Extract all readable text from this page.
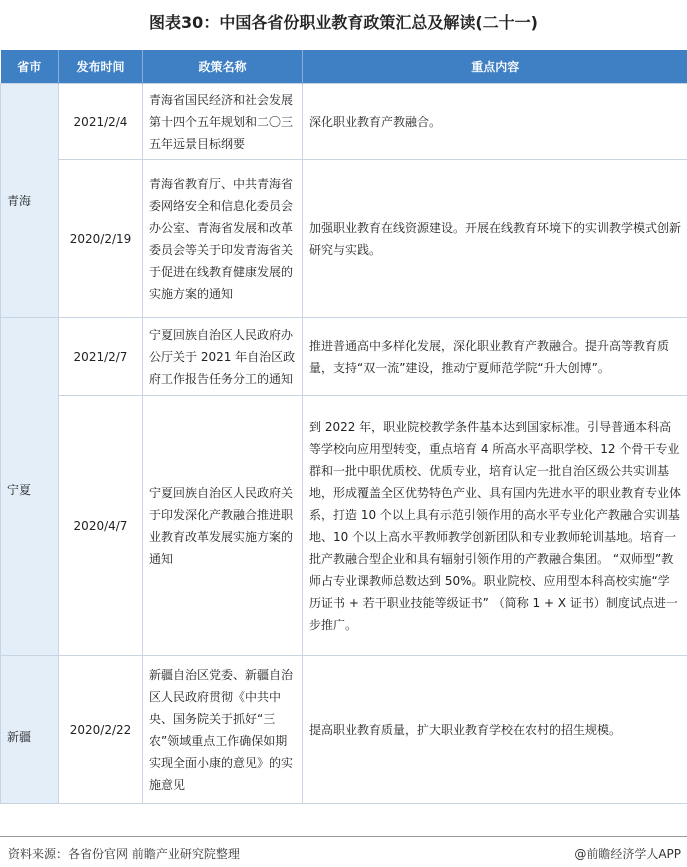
图表30：中国各省份职业教育政策汇总及解读(二十一)
省市	发布时间	政策名称	重点内容

青海	2021/2/4	青海省国民经济和社会发展第十四个五年规划和二〇三五年远景目标纲要	深化职业教育产教融合。
	2020/2/19	青海省教育厅、中共青海省委网络安全和信息化委员会办公室、青海省发展和改革委员会等关于印发青海省关于促进在线教育健康发展的实施方案的通知	加强职业教育在线资源建设。开展在线教育环境下的实训教学模式创新研究与实践。

宁夏	2021/2/7	宁夏回族自治区人民政府办公厅关于 2021 年自治区政府工作报告任务分工的通知	推进普通高中多样化发展，深化职业教育产教融合。提升高等教育质量，支持“双一流”建设，推动宁夏师范学院“升大创博”。
	2020/4/7	宁夏回族自治区人民政府关于印发深化产教融合推进职业教育改革发展实施方案的通知	到 2022 年，职业院校教学条件基本达到国家标准。引导普通本科高等学校向应用型转变，重点培育 4 所高水平高职学校、12 个骨干专业群和一批中职优质校、优质专业，培育认定一批自治区级公共实训基地，形成覆盖全区优势特色产业、具有国内先进水平的职业教育专业体系，打造 10 个以上具有示范引领作用的高水平专业化产教融合实训基地、10 个以上高水平教师教学创新团队和专业教师轮训基地。培育一批产教融合型企业和具有辐射引领作用的产教融合集团。 “双师型”教师占专业课教师总数达到 50%。职业院校、应用型本科高校实施“学历证书 + 若干职业技能等级证书” （简称 1 + X 证书）制度试点进一步推广。

新疆	2020/2/22	新疆自治区党委、新疆自治区人民政府贯彻《中共中央、国务院关于抓好“三农”领域重点工作确保如期实现全面小康的意见》的实施意见	提高职业教育质量，扩大职业教育学校在农村的招生规模。
资料来源：各省份官网 前瞻产业研究院整理	@前瞻经济学人APP
